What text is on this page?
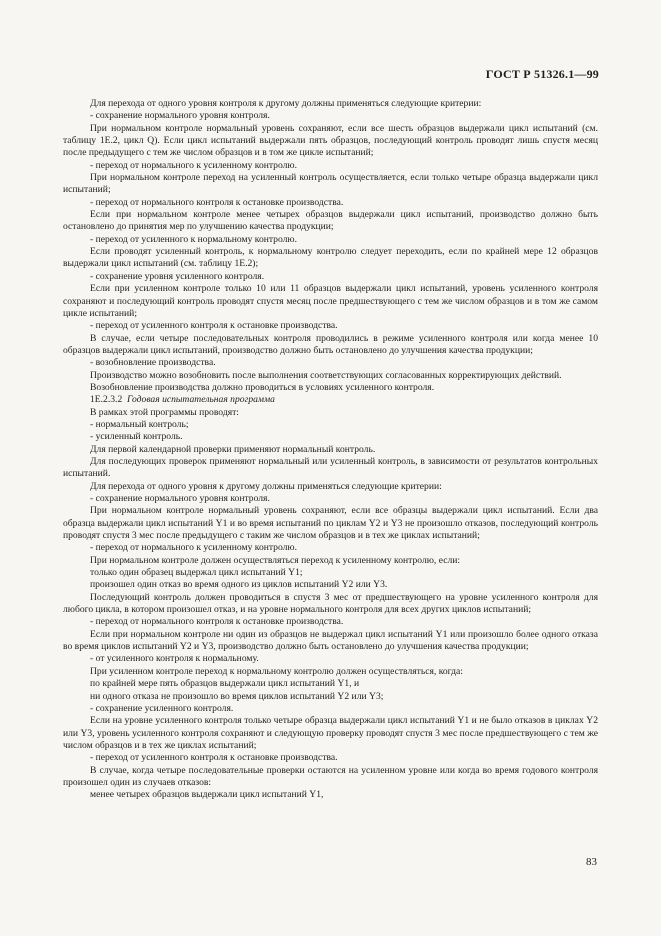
ГОСТ Р 51326.1—99

Для перехода от одного уровня контроля к другому должны применяться следующие критерии:

- сохранение нормального уровня контроля.

При нормальном контроле нормальный уровень сохраняют, если все шесть образцов выдержали цикл испытаний (см. таблицу 1Е.2, цикл Q). Если цикл испытаний выдержали пять образцов, последующий контроль проводят лишь спустя месяц после предыдущего с тем же числом образцов и в том же цикле испытаний;

- переход от нормального к усиленному контролю.

При нормальном контроле переход на усиленный контроль осуществляется, если только четыре образца выдержали цикл испытаний;

- переход от нормального контроля к остановке производства.

Если при нормальном контроле менее четырех образцов выдержали цикл испытаний, производство должно быть остановлено до принятия мер по улучшению качества продукции;

- переход от усиленного к нормальному контролю.

Если проводят усиленный контроль, к нормальному контролю следует переходить, если по крайней мере 12 образцов выдержали цикл испытаний (см. таблицу 1Е.2);

- сохранение уровня усиленного контроля.

Если при усиленном контроле только 10 или 11 образцов выдержали цикл испытаний, уровень усиленного контроля сохраняют и последующий контроль проводят спустя месяц после предшествующего с тем же числом образцов и в том же самом цикле испытаний;

- переход от усиленного контроля к остановке производства.

В случае, если четыре последовательных контроля проводились в режиме усиленного контроля или когда менее 10 образцов выдержали цикл испытаний, производство должно быть остановлено до улучшения качества продукции;

- возобновление производства.

Производство можно возобновить после выполнения соответствующих согласованных корректирующих действий.

Возобновление производства должно проводиться в условиях усиленного контроля.

1Е.2.3.2 Годовая испытательная программа

В рамках этой программы проводят:

- нормальный контроль;

- усиленный контроль.

Для первой календарной проверки применяют нормальный контроль.

Для последующих проверок применяют нормальный или усиленный контроль, в зависимости от результатов контрольных испытаний.

Для перехода от одного уровня к другому должны применяться следующие критерии:

- сохранение нормального уровня контроля.

При нормальном контроле нормальный уровень сохраняют, если все образцы выдержали цикл испытаний. Если два образца выдержали цикл испытаний Y1 и во время испытаний по циклам Y2 и Y3 не произошло отказов, последующий контроль проводят спустя 3 мес после предыдущего с таким же числом образцов и в тех же циклах испытаний;

- переход от нормального к усиленному контролю.

При нормальном контроле должен осуществляться переход к усиленному контролю, если:

только один образец выдержал цикл испытаний Y1;

произошел один отказ во время одного из циклов испытаний Y2 или Y3.

Последующий контроль должен проводиться в спустя 3 мес от предшествующего на уровне усиленного контроля для любого цикла, в котором произошел отказ, и на уровне нормального контроля для всех других циклов испытаний;

- переход от нормального контроля к остановке производства.

Если при нормальном контроле ни один из образцов не выдержал цикл испытаний Y1 или произошло более одного отказа во время циклов испытаний Y2 и Y3, производство должно быть остановлено до улучшения качества продукции;

- от усиленного контроля к нормальному.

При усиленном контроле переход к нормальному контролю должен осуществляться, когда:

по крайней мере пять образцов выдержали цикл испытаний Y1, и

ни одного отказа не произошло во время циклов испытаний Y2 или Y3;

- сохранение усиленного контроля.

Если на уровне усиленного контроля только четыре образца выдержали цикл испытаний Y1 и не было отказов в циклах Y2 или Y3, уровень усиленного контроля сохраняют и следующую проверку проводят спустя 3 мес после предшествующего с тем же числом образцов и в тех же циклах испытаний;

- переход от усиленного контроля к остановке производства.

В случае, когда четыре последовательные проверки остаются на усиленном уровне или когда во время годового контроля произошел один из случаев отказов:

менее четырех образцов выдержали цикл испытаний Y1,

83
